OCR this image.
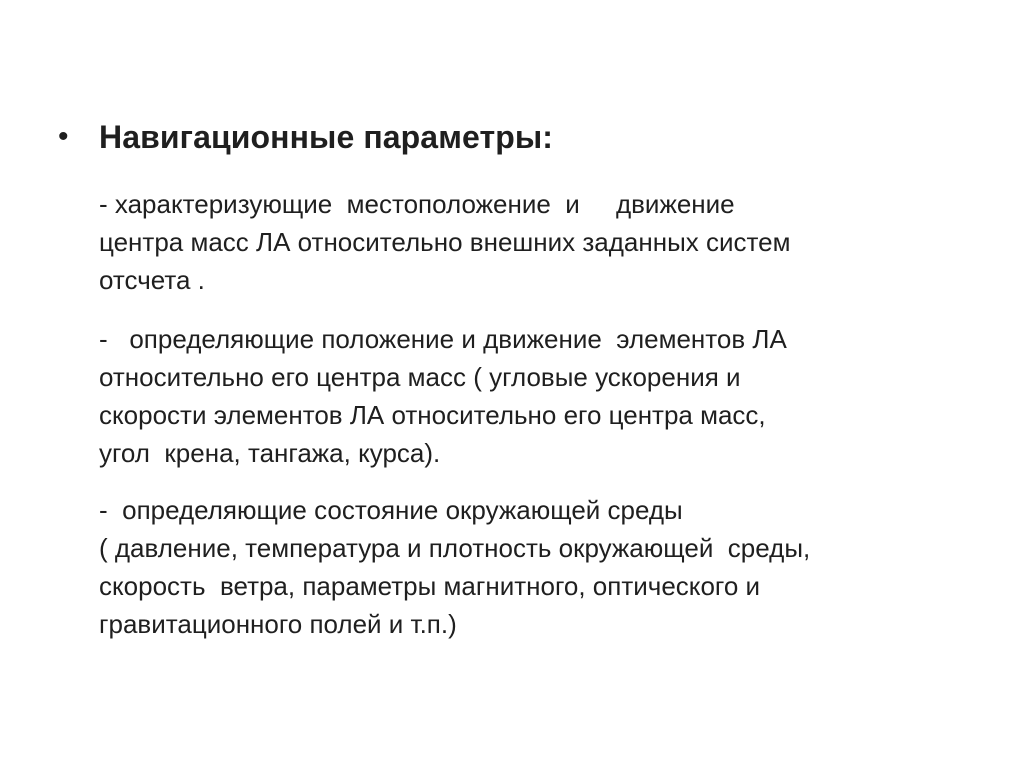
• Навигационные параметры:
- характеризующие  местоположение  и     движение
центра масс ЛА относительно внешних заданных систем
отсчета .
-   определяющие положение и движение  элементов ЛА
относительно его центра масс ( угловые ускорения и
скорости элементов ЛА относительно его центра масс,
угол  крена, тангажа, курса).
-  определяющие состояние окружающей среды
( давление, температура и плотность окружающей  среды,
скорость  ветра, параметры магнитного, оптического и
гравитационного полей и т.п.)
